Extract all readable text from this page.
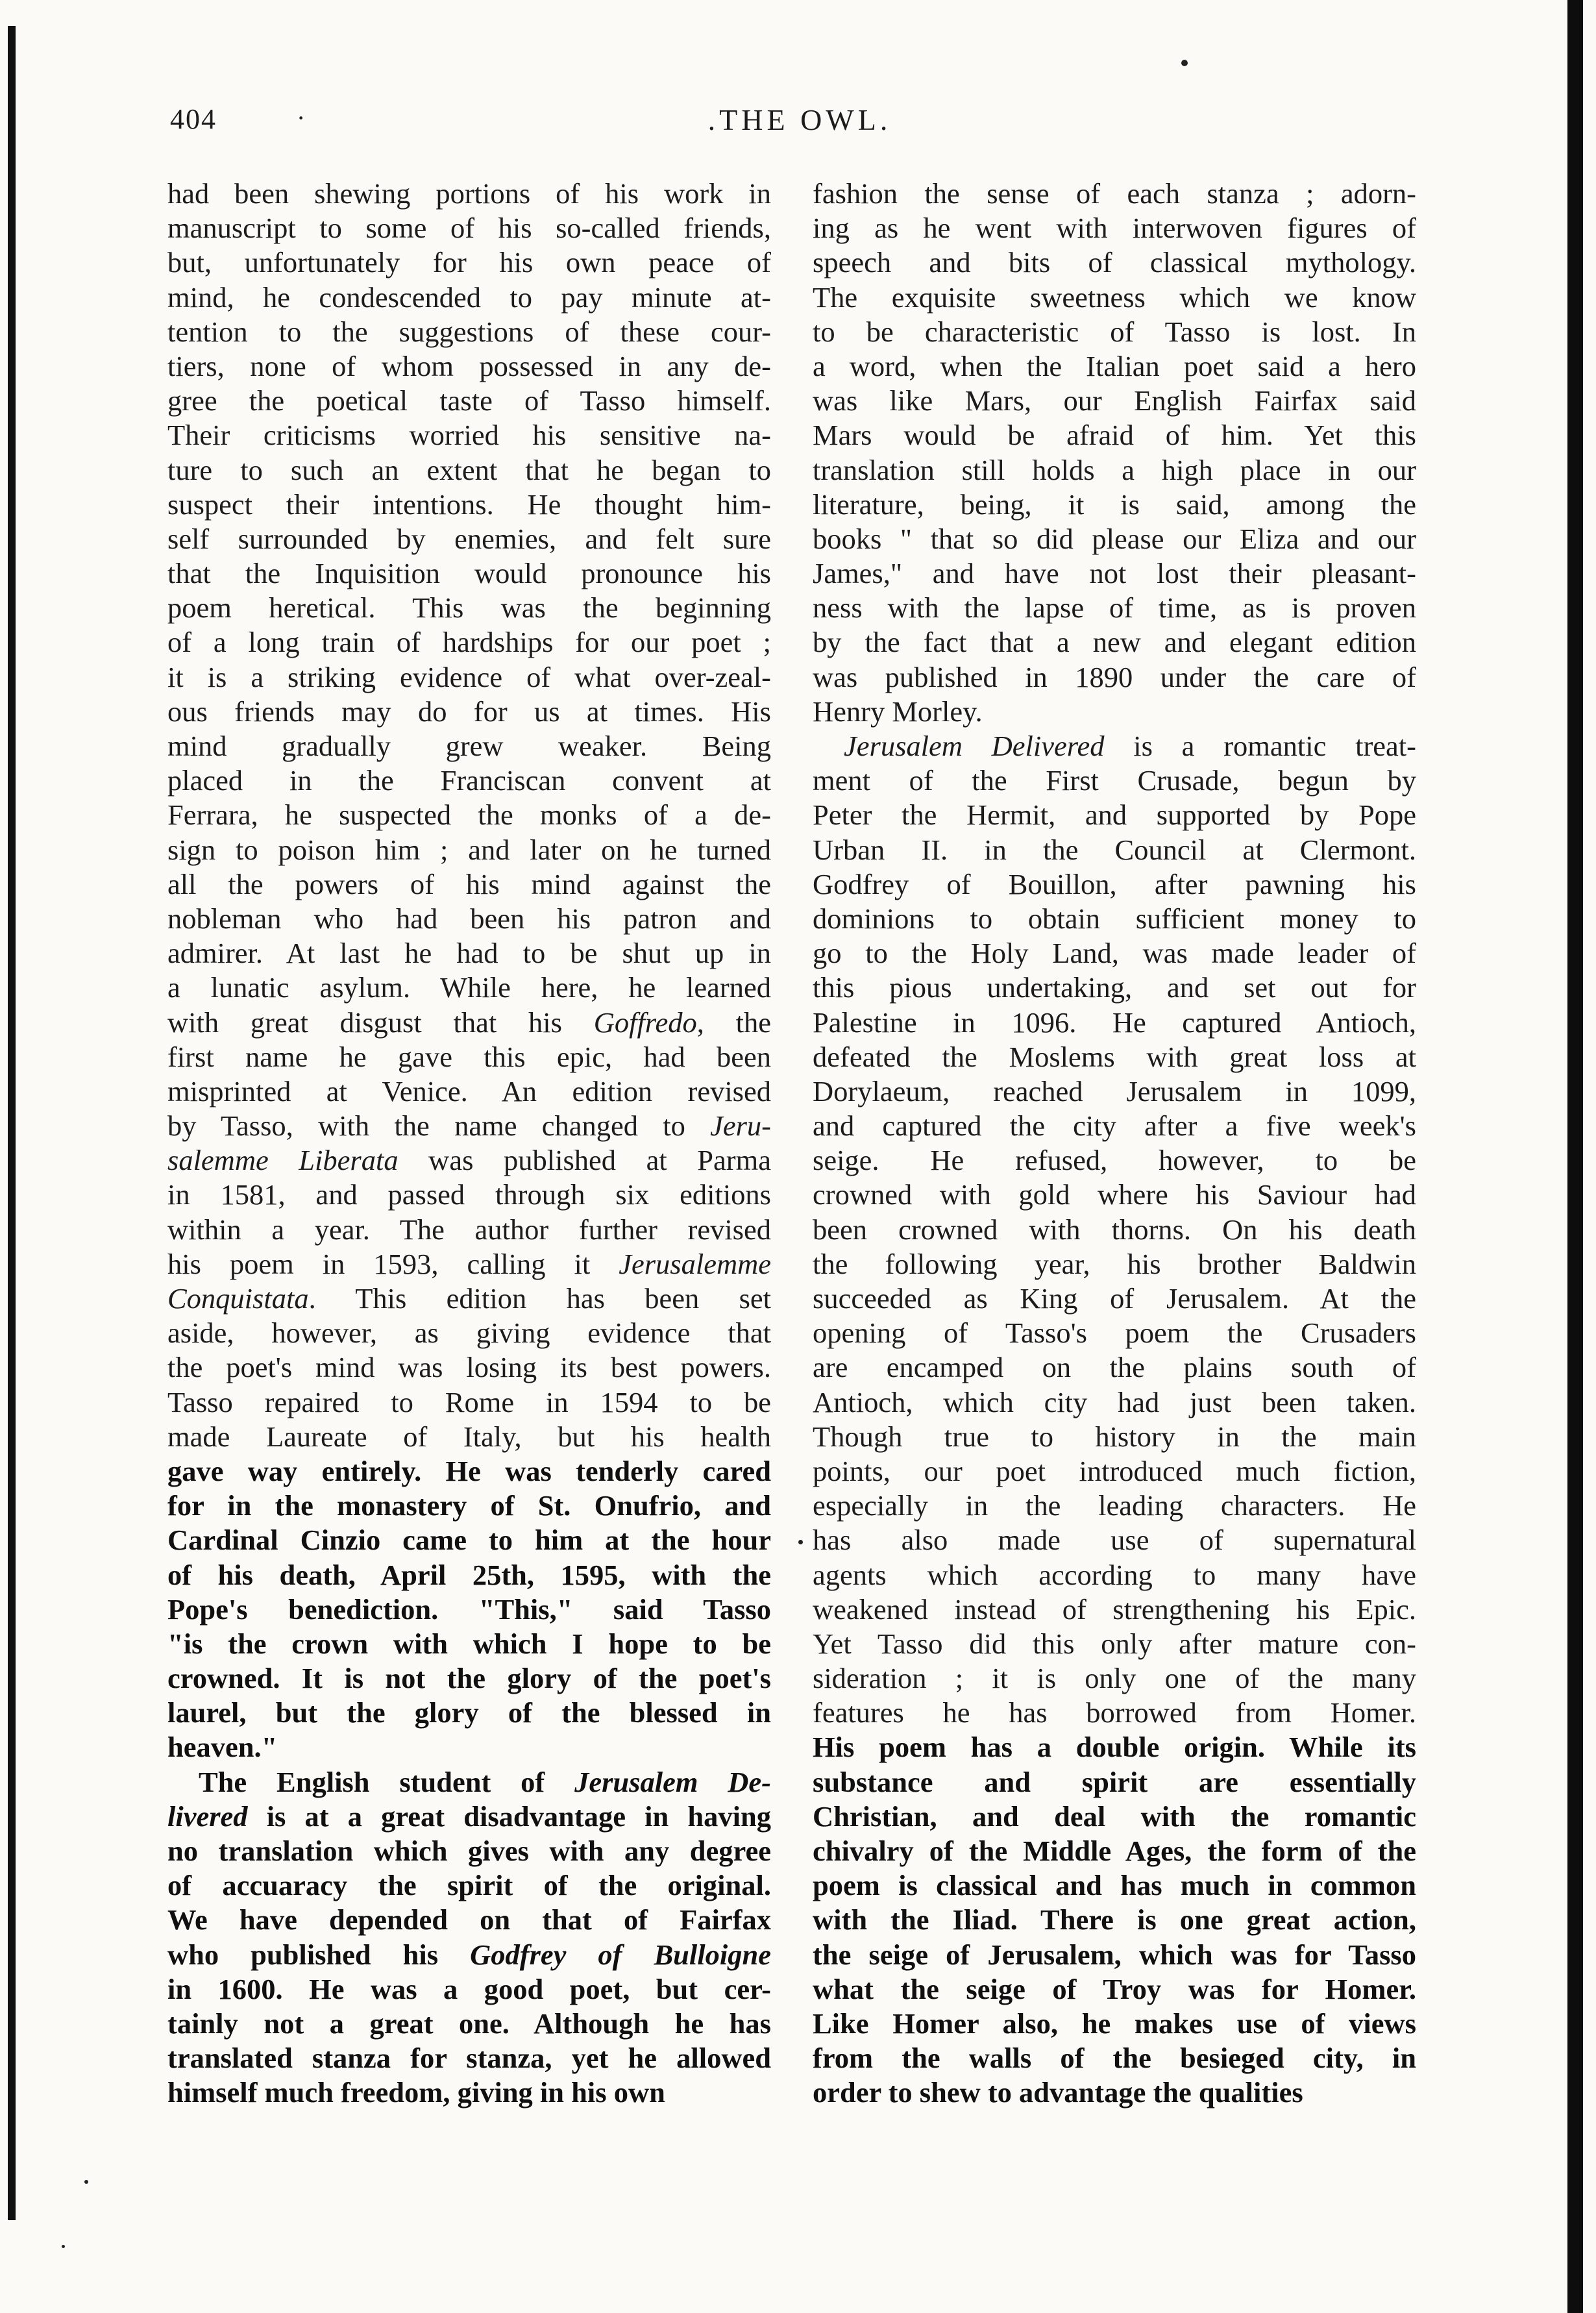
404	·	.THE OWL.
had been shewing portions of his work in
manuscript to some of his so-called friends,
but, unfortunately for his own peace of
mind, he condescended to pay minute at-
tention to the suggestions of these cour-
tiers, none of whom possessed in any de-
gree the poetical taste of Tasso himself.
Their criticisms worried his sensitive na-
ture to such an extent that he began to
suspect their intentions. He thought him-
self surrounded by enemies, and felt sure
that the Inquisition would pronounce his
poem heretical. This was the beginning
of a long train of hardships for our poet ;
it is a striking evidence of what over-zeal-
ous friends may do for us at times. His
mind gradually grew weaker. Being
placed in the Franciscan convent at
Ferrara, he suspected the monks of a de-
sign to poison him ; and later on he turned
all the powers of his mind against the
nobleman who had been his patron and
admirer. At last he had to be shut up in
a lunatic asylum. While here, he learned
with great disgust that his Goffredo, the
first name he gave this epic, had been
misprinted at Venice. An edition revised
by Tasso, with the name changed to Jeru-
salemme Liberata was published at Parma
in 1581, and passed through six editions
within a year. The author further revised
his poem in 1593, calling it Jerusalemme
Conquistata. This edition has been set
aside, however, as giving evidence that
the poet's mind was losing its best powers.
Tasso repaired to Rome in 1594 to be
made Laureate of Italy, but his health
gave way entirely. He was tenderly cared
for in the monastery of St. Onufrio, and
Cardinal Cinzio came to him at the hour
of his death, April 25th, 1595, with the
Pope's benediction. "This," said Tasso
"is the crown with which I hope to be
crowned. It is not the glory of the poet's
laurel, but the glory of the blessed in
heaven."
The English student of Jerusalem De-
livered is at a great disadvantage in having
no translation which gives with any degree
of accuaracy the spirit of the original.
We have depended on that of Fairfax
who published his Godfrey of Bulloigne
in 1600. He was a good poet, but cer-
tainly not a great one. Although he has
translated stanza for stanza, yet he allowed
himself much freedom, giving in his own
fashion the sense of each stanza ; adorn-
ing as he went with interwoven figures of
speech and bits of classical mythology.
The exquisite sweetness which we know
to be characteristic of Tasso is lost. In
a word, when the Italian poet said a hero
was like Mars, our English Fairfax said
Mars would be afraid of him. Yet this
translation still holds a high place in our
literature, being, it is said, among the
books " that so did please our Eliza and our
James," and have not lost their pleasant-
ness with the lapse of time, as is proven
by the fact that a new and elegant edition
was published in 1890 under the care of
Henry Morley.
Jerusalem Delivered is a romantic treat-
ment of the First Crusade, begun by
Peter the Hermit, and supported by Pope
Urban II. in the Council at Clermont.
Godfrey of Bouillon, after pawning his
dominions to obtain sufficient money to
go to the Holy Land, was made leader of
this pious undertaking, and set out for
Palestine in 1096. He captured Antioch,
defeated the Moslems with great loss at
Dorylaeum, reached Jerusalem in 1099,
and captured the city after a five week's
seige. He refused, however, to be
crowned with gold where his Saviour had
been crowned with thorns. On his death
the following year, his brother Baldwin
succeeded as King of Jerusalem. At the
opening of Tasso's poem the Crusaders
are encamped on the plains south of
Antioch, which city had just been taken.
Though true to history in the main
points, our poet introduced much fiction,
especially in the leading characters. He
has also made use of supernatural
agents which according to many have
weakened instead of strengthening his Epic.
Yet Tasso did this only after mature con-
sideration ; it is only one of the many
features he has borrowed from Homer.
His poem has a double origin. While its
substance and spirit are essentially
Christian, and deal with the romantic
chivalry of the Middle Ages, the form of the
poem is classical and has much in common
with the Iliad. There is one great action,
the seige of Jerusalem, which was for Tasso
what the seige of Troy was for Homer.
Like Homer also, he makes use of views
from the walls of the besieged city, in
order to shew to advantage the qualities
